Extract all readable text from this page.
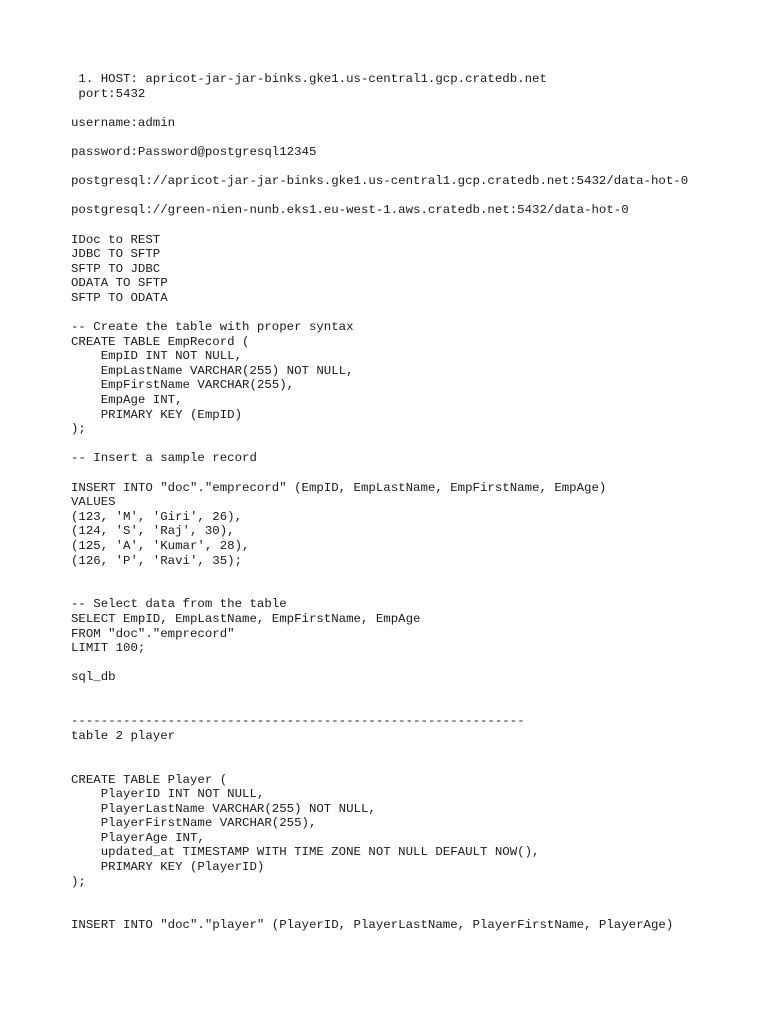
1. HOST: apricot-jar-jar-binks.gke1.us-central1.gcp.cratedb.net
port:5432
username:admin
password:Password@postgresql12345
postgresql://apricot-jar-jar-binks.gke1.us-central1.gcp.cratedb.net:5432/data-hot-0
postgresql://green-nien-nunb.eks1.eu-west-1.aws.cratedb.net:5432/data-hot-0
IDoc to REST
JDBC TO SFTP
SFTP TO JDBC
ODATA TO SFTP
SFTP TO ODATA
-- Create the table with proper syntax
CREATE TABLE EmpRecord (
EmpID INT NOT NULL,
EmpLastName VARCHAR(255) NOT NULL,
EmpFirstName VARCHAR(255),
EmpAge INT,
PRIMARY KEY (EmpID)
);
-- Insert a sample record
INSERT INTO "doc"."emprecord" (EmpID, EmpLastName, EmpFirstName, EmpAge)
VALUES
(123, 'M', 'Giri', 26),
(124, 'S', 'Raj', 30),
(125, 'A', 'Kumar', 28),
(126, 'P', 'Ravi', 35);
-- Select data from the table
SELECT EmpID, EmpLastName, EmpFirstName, EmpAge
FROM "doc"."emprecord"
LIMIT 100;
sql_db
-------------------------------------------------------------
table 2 player
CREATE TABLE Player (
PlayerID INT NOT NULL,
PlayerLastName VARCHAR(255) NOT NULL,
PlayerFirstName VARCHAR(255),
PlayerAge INT,
updated_at TIMESTAMP WITH TIME ZONE NOT NULL DEFAULT NOW(),
PRIMARY KEY (PlayerID)
);
INSERT INTO "doc"."player" (PlayerID, PlayerLastName, PlayerFirstName, PlayerAge)
